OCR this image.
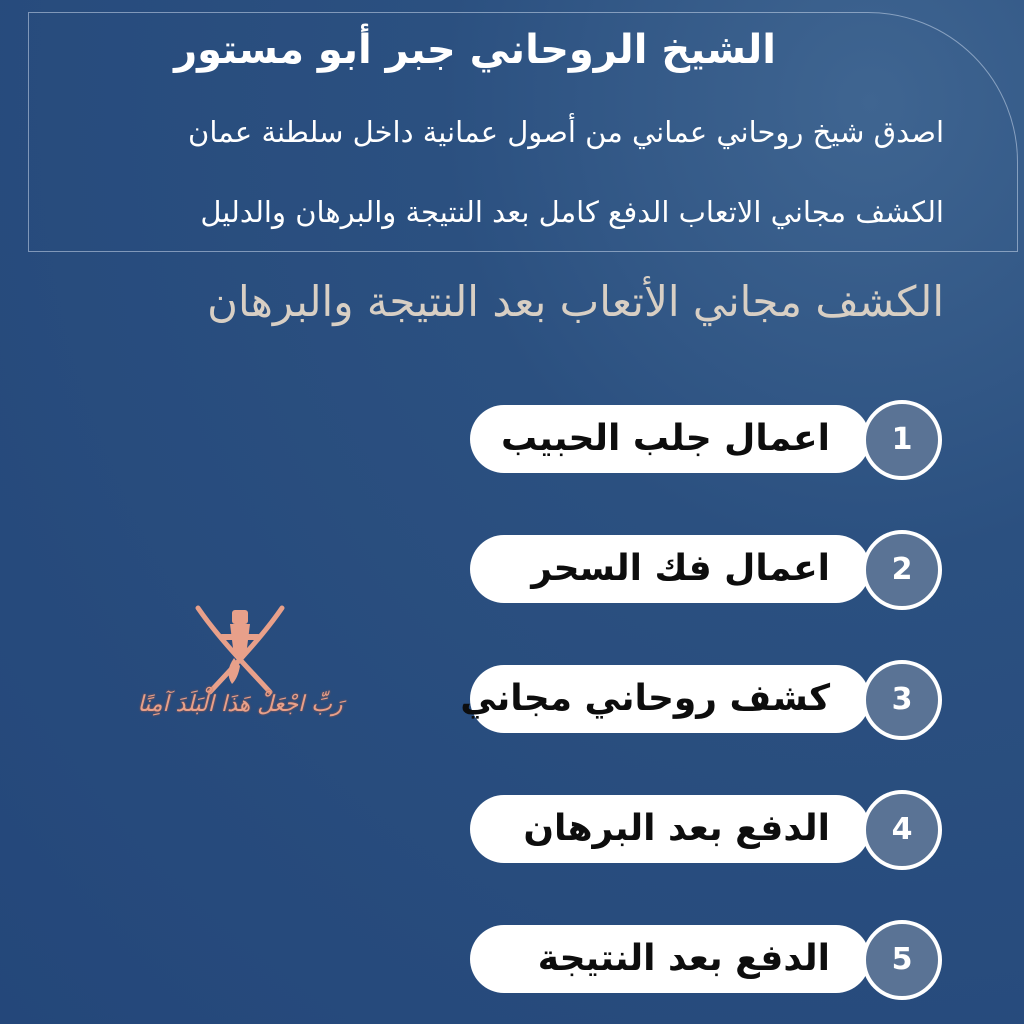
الشيخ الروحاني جبر أبو مستور
اصدق شيخ روحاني عماني من أصول عمانية داخل سلطنة عمان
الكشف مجاني الاتعاب الدفع كامل بعد النتيجة والبرهان والدليل
الكشف مجاني الأتعاب بعد النتيجة والبرهان
اعمال جلب الحبيب	1
اعمال فك السحر	2
كشف روحاني مجاني	3
الدفع بعد البرهان	4
الدفع بعد النتيجة	5
رَبِّ اجْعَلْ هَذَا الْبَلَدَ آمِنًا
